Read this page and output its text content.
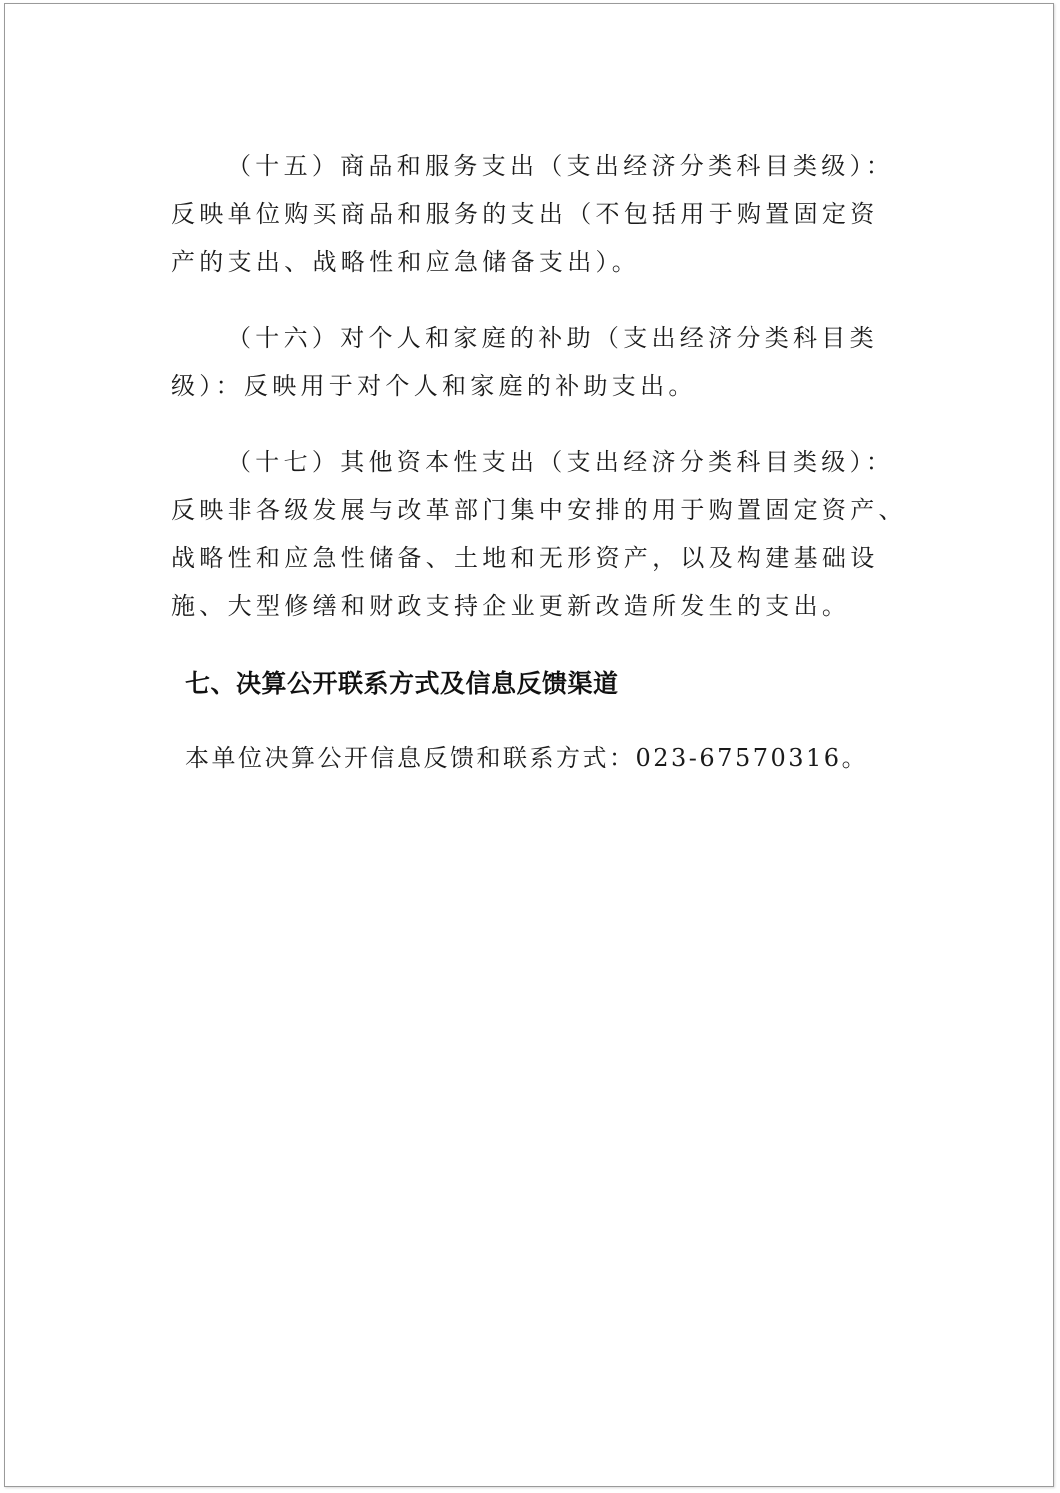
（十五）商品和服务支出（支出经济分类科目类级）：
反映单位购买商品和服务的支出（不包括用于购置固定资
产的支出、战略性和应急储备支出）。

（十六）对个人和家庭的补助（支出经济分类科目类
级）：反映用于对个人和家庭的补助支出。

（十七）其他资本性支出（支出经济分类科目类级）：
反映非各级发展与改革部门集中安排的用于购置固定资产、
战略性和应急性储备、土地和无形资产，以及构建基础设
施、大型修缮和财政支持企业更新改造所发生的支出。

七、决算公开联系方式及信息反馈渠道

本单位决算公开信息反馈和联系方式：023-67570316。
